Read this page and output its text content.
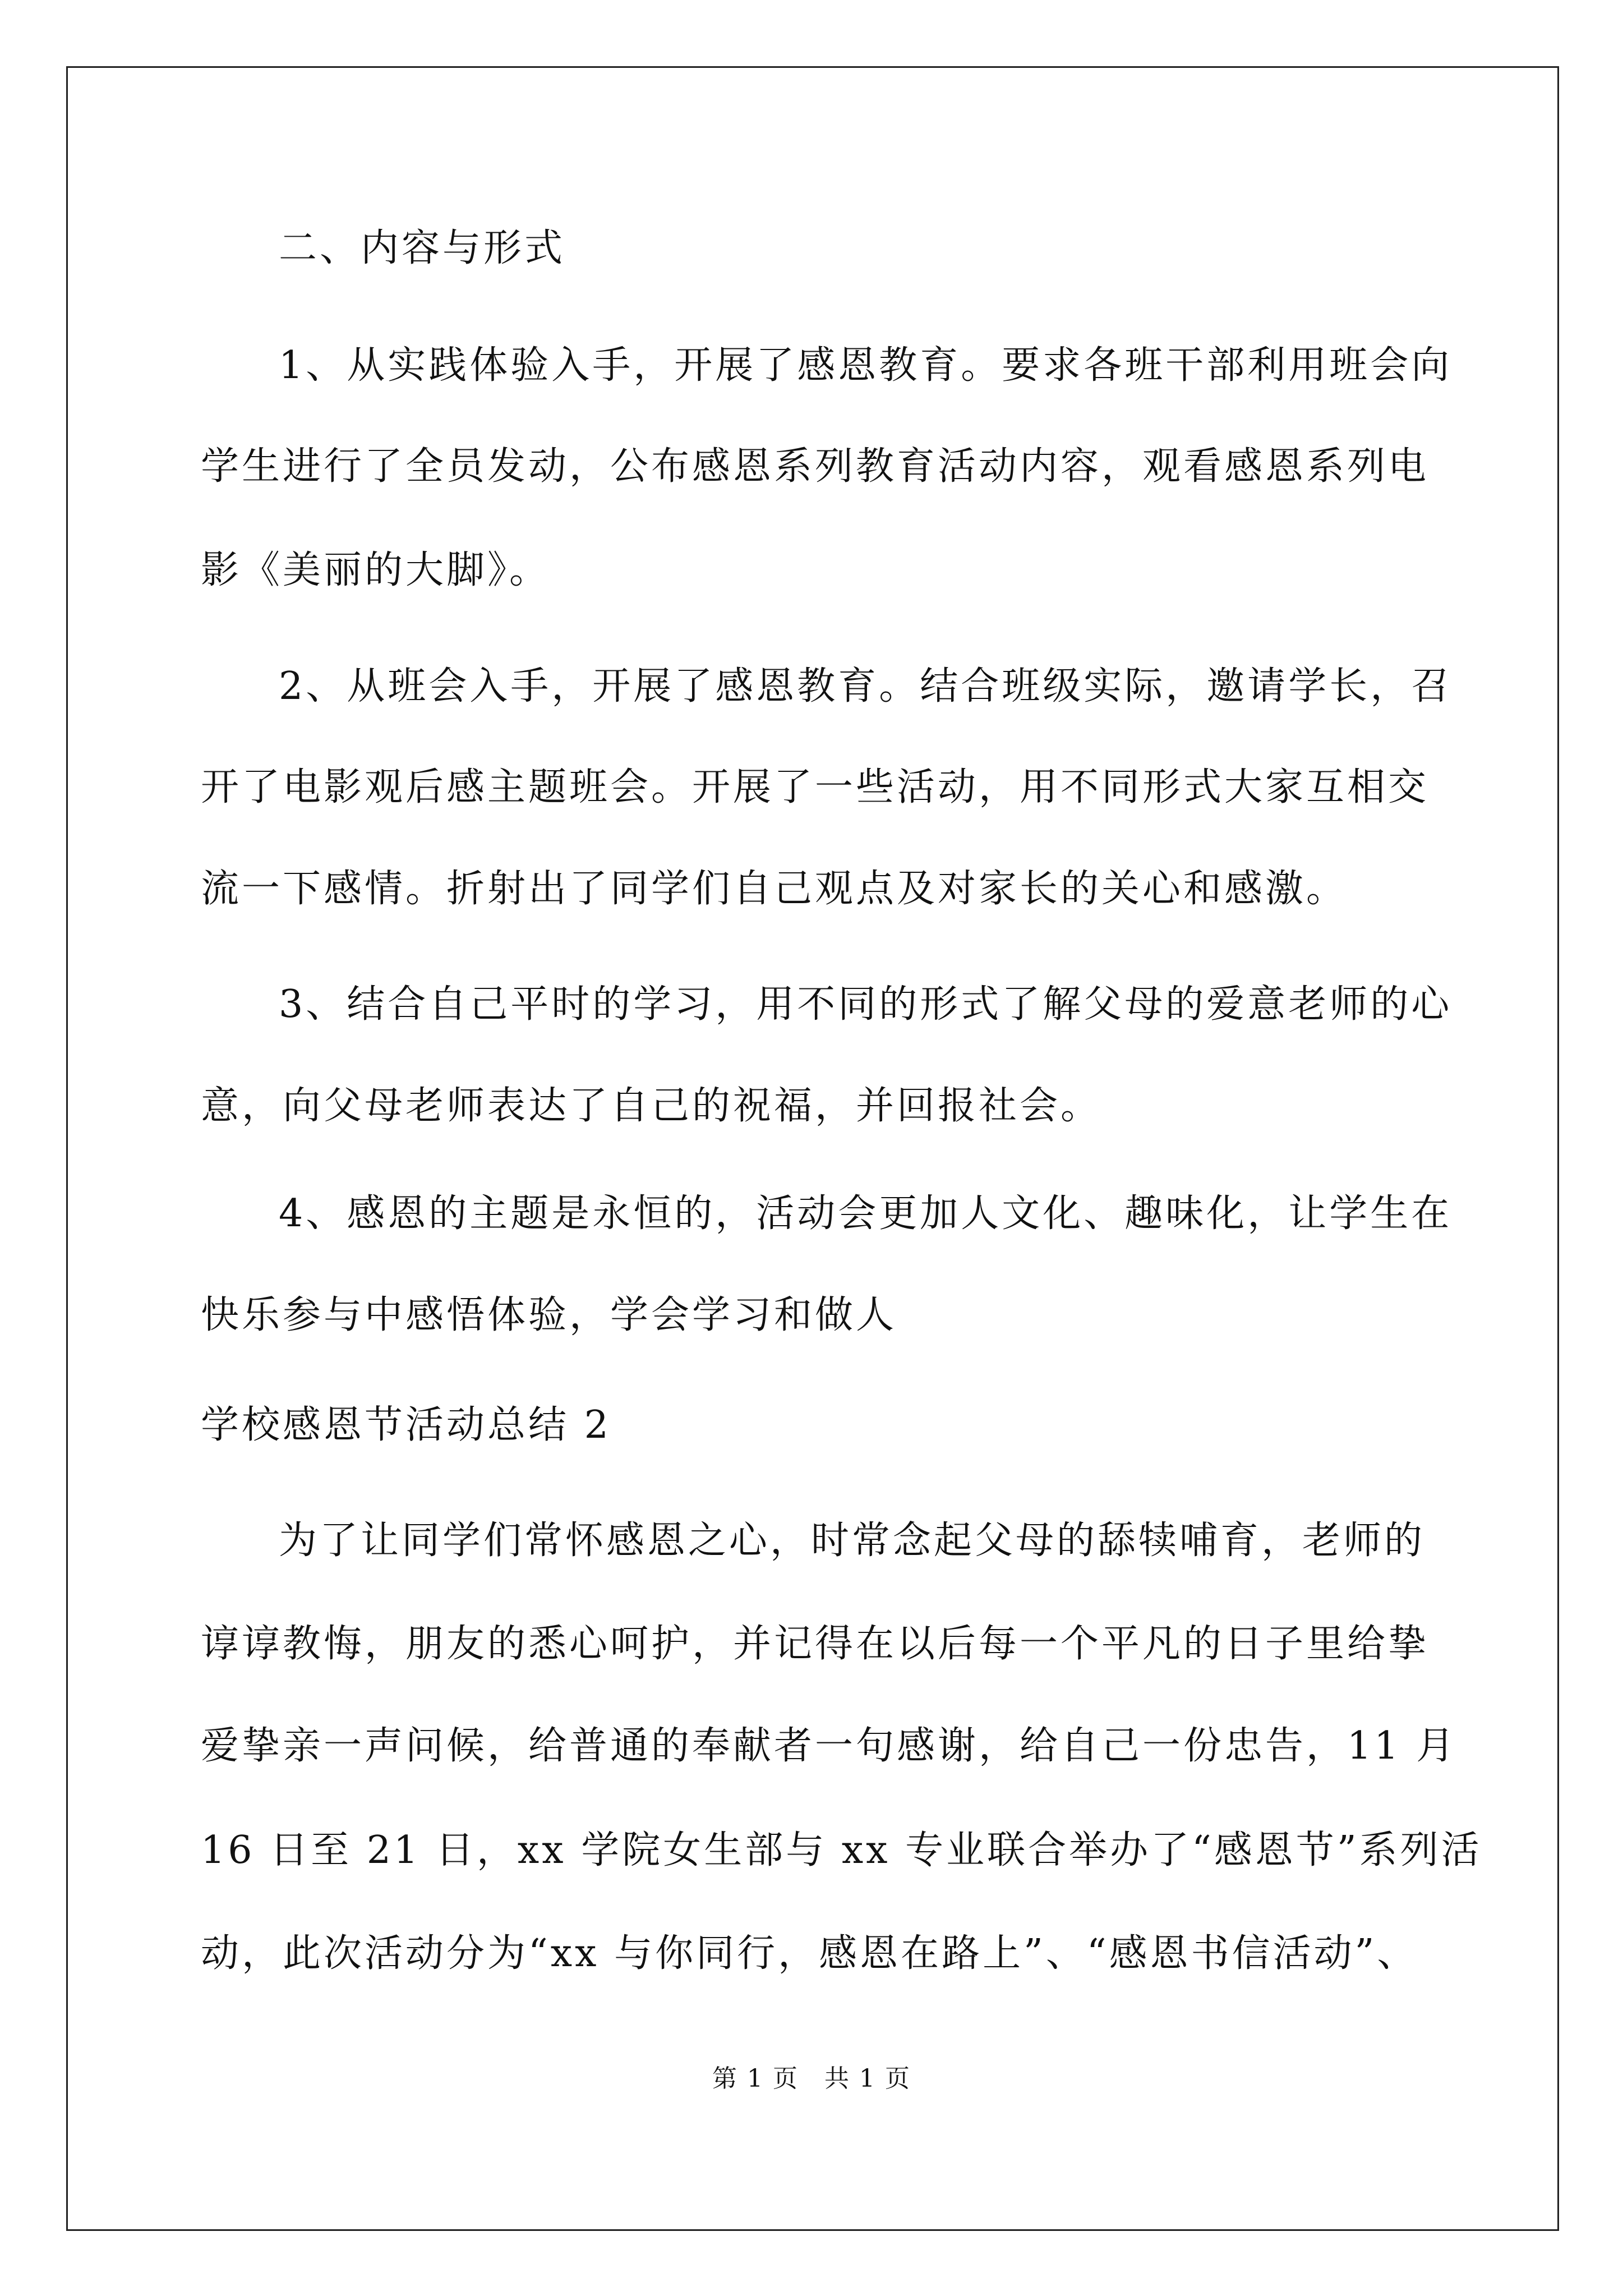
二、内容与形式

1、从实践体验入手，开展了感恩教育。要求各班干部利用班会向

学生进行了全员发动，公布感恩系列教育活动内容，观看感恩系列电

影《美丽的大脚》。

2、从班会入手，开展了感恩教育。结合班级实际，邀请学长，召

开了电影观后感主题班会。开展了一些活动，用不同形式大家互相交

流一下感情。折射出了同学们自己观点及对家长的关心和感激。

3、结合自己平时的学习，用不同的形式了解父母的爱意老师的心

意，向父母老师表达了自己的祝福，并回报社会。

4、感恩的主题是永恒的，活动会更加人文化、趣味化，让学生在

快乐参与中感悟体验，学会学习和做人

学校感恩节活动总结 2

为了让同学们常怀感恩之心，时常念起父母的舔犊哺育，老师的

谆谆教悔，朋友的悉心呵护，并记得在以后每一个平凡的日子里给挚

爱挚亲一声问候，给普通的奉献者一句感谢，给自己一份忠告，11 月

16 日至 21 日，xx 学院女生部与 xx 专业联合举办了“感恩节”系列活

动，此次活动分为“xx 与你同行，感恩在路上”、“感恩书信活动”、

第 1 页　共 1 页
